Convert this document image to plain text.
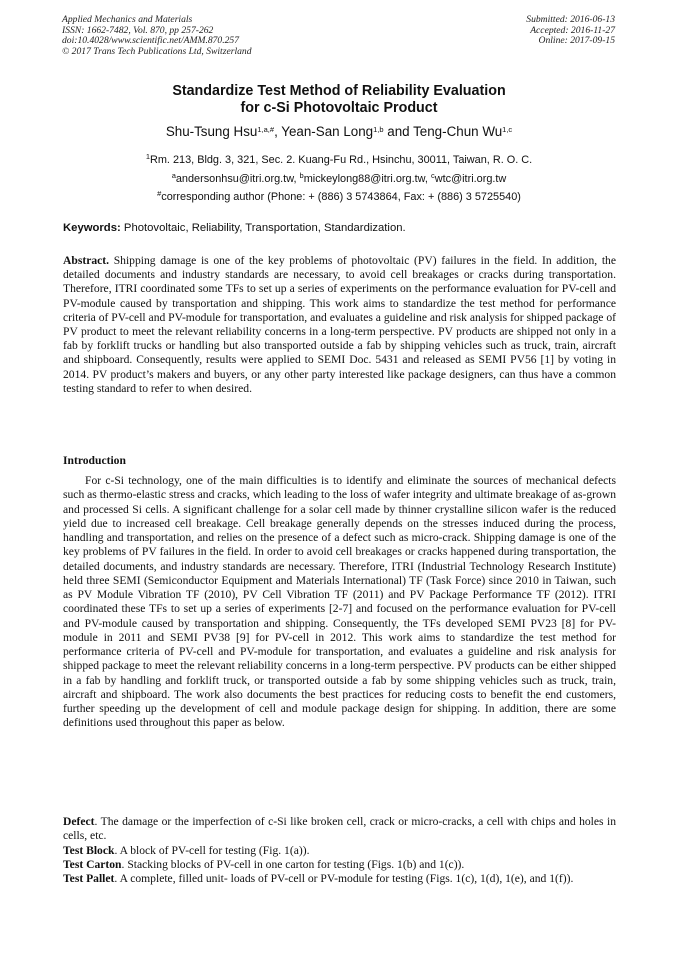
Applied Mechanics and Materials
ISSN: 1662-7482, Vol. 870, pp 257-262
doi:10.4028/www.scientific.net/AMM.870.257
© 2017 Trans Tech Publications Ltd, Switzerland
Submitted: 2016-06-13
Accepted: 2016-11-27
Online: 2017-09-15
Standardize Test Method of Reliability Evaluation
for c-Si Photovoltaic Product
Shu-Tsung Hsu$^{1,a,\#}$, Yean-San Long$^{1,b}$ and Teng-Chun Wu$^{1,c}$
$^1$Rm. 213, Bldg. 3, 321, Sec. 2. Kuang-Fu Rd., Hsinchu, 30011, Taiwan, R. O. C.
$^a$andersonhsu@itri.org.tw, $^b$mickeylong88@itri.org.tw, $^c$wtc@itri.org.tw
#corresponding author (Phone: + (886) 3 5743864, Fax: + (886) 3 5725540)
Keywords: Photovoltaic, Reliability, Transportation, Standardization.
Abstract. Shipping damage is one of the key problems of photovoltaic (PV) failures in the field. In addition, the detailed documents and industry standards are necessary, to avoid cell breakages or cracks during transportation. Therefore, ITRI coordinated some TFs to set up a series of experiments on the performance evaluation for PV-cell and PV-module caused by transportation and shipping. This work aims to standardize the test method for performance criteria of PV-cell and PV-module for transportation, and evaluates a guideline and risk analysis for shipped package of PV product to meet the relevant reliability concerns in a long-term perspective. PV products are shipped not only in a fab by forklift trucks or handling but also transported outside a fab by shipping vehicles such as truck, train, aircraft and shipboard. Consequently, results were applied to SEMI Doc. 5431 and released as SEMI PV56 [1] by voting in 2014. PV product’s makers and buyers, or any other party interested like package designers, can thus have a common testing standard to refer to when desired.
Introduction

For c-Si technology, one of the main difficulties is to identify and eliminate the sources of mechanical defects such as thermo-elastic stress and cracks, which leading to the loss of wafer integrity and ultimate breakage of as-grown and processed Si cells. A significant challenge for a solar cell made by thinner crystalline silicon wafer is the reduced yield due to increased cell breakage. Cell breakage generally depends on the stresses induced during the process, handling and transportation, and relies on the presence of a defect such as micro-crack. Shipping damage is one of the key problems of PV failures in the field. In order to avoid cell breakages or cracks happened during transportation, the detailed documents, and industry standards are necessary. Therefore, ITRI (Industrial Technology Research Institute) held three SEMI (Semiconductor Equipment and Materials International) TF (Task Force) since 2010 in Taiwan, such as PV Module Vibration TF (2010), PV Cell Vibration TF (2011) and PV Package Performance TF (2012). ITRI coordinated these TFs to set up a series of experiments [2-7] and focused on the performance evaluation for PV-cell and PV-module caused by transportation and shipping. Consequently, the TFs developed SEMI PV23 [8] for PV-module in 2011 and SEMI PV38 [9] for PV-cell in 2012. This work aims to standardize the test method for performance criteria of PV-cell and PV-module for transportation, and evaluates a guideline and risk analysis for shipped package to meet the relevant reliability concerns in a long-term perspective. PV products can be either shipped in a fab by handling and forklift truck, or transported outside a fab by some shipping vehicles such as truck, train, aircraft and shipboard. The work also documents the best practices for reducing costs to benefit the end customers, further speeding up the development of cell and module package design for shipping. In addition, there are some definitions used throughout this paper as below.

Defect. The damage or the imperfection of c-Si like broken cell, crack or micro-cracks, a cell with chips and holes in cells, etc.

Test Block. A block of PV-cell for testing (Fig. 1(a)).

Test Carton. Stacking blocks of PV-cell in one carton for testing (Figs. 1(b) and 1(c)).

Test Pallet. A complete, filled unit- loads of PV-cell or PV-module for testing (Figs. 1(c), 1(d), 1(e), and 1(f)).
